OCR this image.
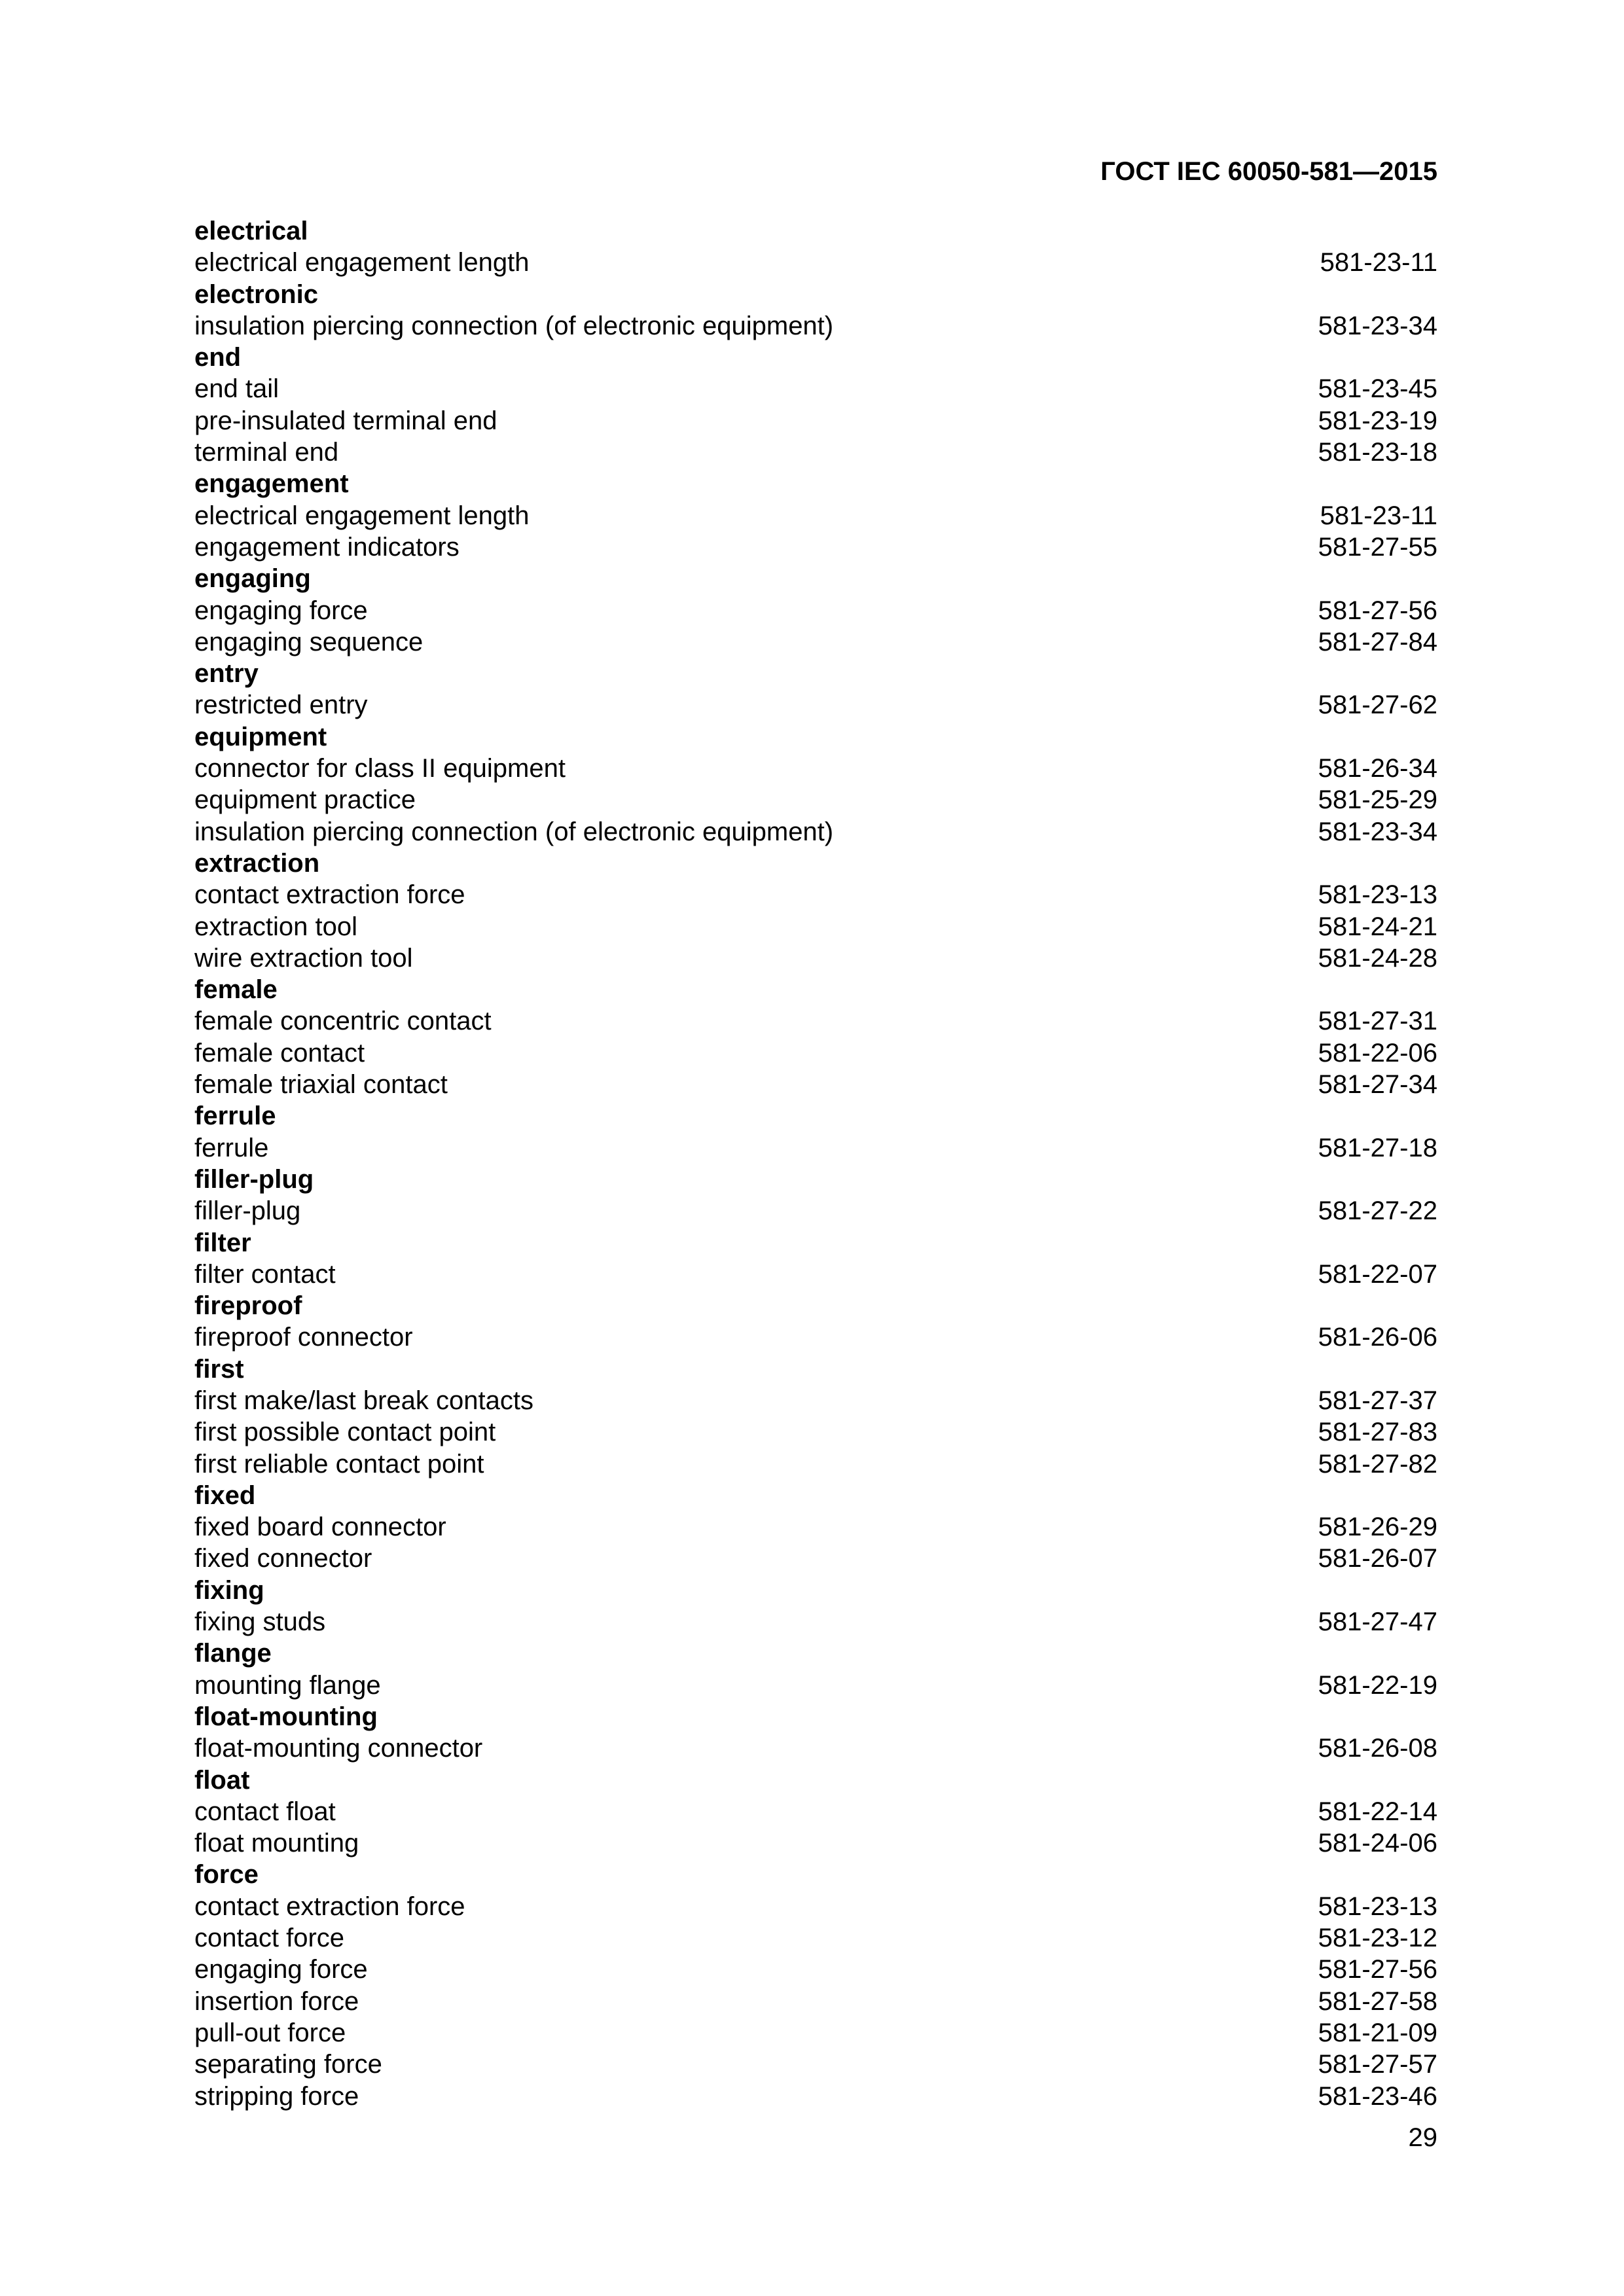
ГОСТ IEC 60050-581—2015
electrical
electrical engagement length	581-23-11
electronic
insulation piercing connection (of electronic equipment)	581-23-34
end
end tail	581-23-45
pre-insulated terminal end	581-23-19
terminal end	581-23-18
engagement
electrical engagement length	581-23-11
engagement indicators	581-27-55
engaging
engaging force	581-27-56
engaging sequence	581-27-84
entry
restricted entry	581-27-62
equipment
connector for class II equipment	581-26-34
equipment practice	581-25-29
insulation piercing connection (of electronic equipment)	581-23-34
extraction
contact extraction force	581-23-13
extraction tool	581-24-21
wire extraction tool	581-24-28
female
female concentric contact	581-27-31
female contact	581-22-06
female triaxial contact	581-27-34
ferrule
ferrule	581-27-18
filler-plug
filler-plug	581-27-22
filter
filter contact	581-22-07
fireproof
fireproof connector	581-26-06
first
first make/last break contacts	581-27-37
first possible contact point	581-27-83
first reliable contact point	581-27-82
fixed
fixed board connector	581-26-29
fixed connector	581-26-07
fixing
fixing studs	581-27-47
flange
mounting flange	581-22-19
float-mounting
float-mounting connector	581-26-08
float
contact float	581-22-14
float mounting	581-24-06
force
contact extraction force	581-23-13
contact force	581-23-12
engaging force	581-27-56
insertion force	581-27-58
pull-out force	581-21-09
separating force	581-27-57
stripping force	581-23-46
29
